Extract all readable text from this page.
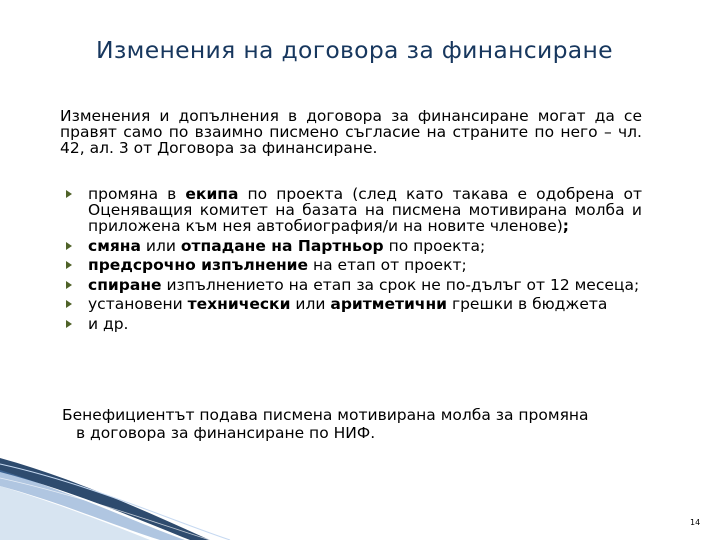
Изменения на договора за финансиране
Изменения и допълнения в договора за финансиране могат да се правят само по взаимно писмено съгласие на страните по него – чл. 42, ал. 3 от Договора за финансиране.
промяна в екипа по проекта (след като такава е одобрена от Оценяващия комитет на базата на писмена мотивирана молба и приложена към нея автобиография/и на новите членове);
смяна или отпадане на Партньор по проекта;
предсрочно изпълнение на етап от проект;
спиране изпълнението на етап за срок не по-дълъг от 12 месеца;
установени технически или аритметични грешки в бюджета
и др.
Бенефициентът подава писмена мотивирана молба за промяна
в договора за финансиране по НИФ.
14
